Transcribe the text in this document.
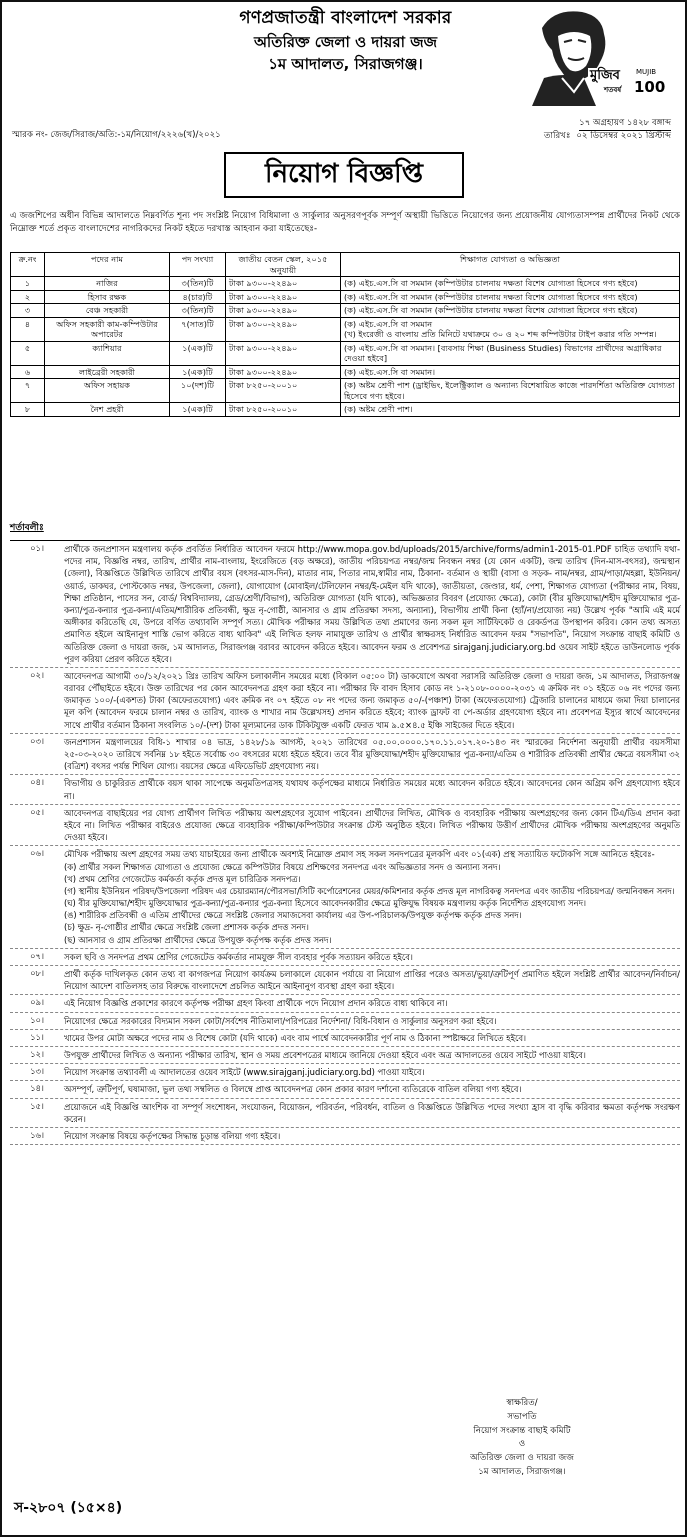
গণপ্রজাতন্ত্রী বাংলাদেশ সরকার
অতিরিক্ত জেলা ও দায়রা জজ
১ম আদালত, সিরাজগঞ্জ।
মুজিব
শতবর্ষ
MUJIB
100
স্মারক নং- জেজ/সিরাজ/অতি:-১ম/নিয়োগ/২২২৬(খ)/২০২১
১৭ অগ্রহায়ণ ১৪২৮ বঙ্গাব্দ
তারিখঃ ০২ ডিসেম্বর ২০২১ খ্রিস্টাব্দ
নিয়োগ বিজ্ঞপ্তি
এ জজশিপের অধীন বিভিন্ন আদালতে নিম্নবর্ণিত শূন্য পদ সংশ্লিষ্ট নিয়োগ বিধিমালা ও সার্কুলার অনুসরণপূর্বক সম্পূর্ণ অস্থায়ী ভিত্তিতে নিয়োগের জন্য প্রয়োজনীয় যোগ্যতাসম্পন্ন প্রার্থীদের নিকট থেকে নিম্নোক্ত শর্তে প্রকৃত বাংলাদেশের নাগরিকদের নিকট হইতে দরখাস্ত আহবান করা যাইতেছেঃ-
ক্র.নং	পদের নাম	পদ সংখ্যা	জাতীয় বেতন স্কেল, ২০১৫ অনুযায়ী	শিক্ষাগত যোগ্যতা ও অভিজ্ঞতা
১	নাজির	৩(তিন)টি	টাকা ৯৩০০-২২৪৯০	(ক) এইচ.এস.সি বা সমমান (কম্পিউটার চালনায় দক্ষতা বিশেষ যোগ্যতা হিসেবে গণ্য হইবে)
২	হিসাব রক্ষক	৪(চার)টি	টাকা ৯৩০০-২২৪৯০	(ক) এইচ.এস.সি বা সমমান (কম্পিউটার চালনায় দক্ষতা বিশেষ যোগ্যতা হিসেবে গণ্য হইবে)
৩	বেঞ্চ সহকারী	৩(তিন)টি	টাকা ৯৩০০-২২৪৯০	(ক) এইচ.এস.সি বা সমমান (কম্পিউটার চালনায় দক্ষতা বিশেষ যোগ্যতা হিসেবে গণ্য হইবে)
৪	অফিস সহকারী কাম-কম্পিউটার অপারেটর	৭(সাত)টি	টাকা ৯৩০০-২২৪৯০	(ক) এইচ.এস.সি বা সমমান
(খ) ইংরেজী ও বাংলায় প্রতি মিনিটে যথাক্রমে ৩০ ও ২০ শব্দ কম্পিউটার টাইপ করার গতি সম্পন্ন।
৫	ক্যাশিয়ার	১(এক)টি	টাকা ৯৩০০-২২৪৯০	(ক) এইচ.এস.সি বা সমমান। [ব্যবসায় শিক্ষা (Business Studies) বিভাগের প্রার্থীদের অগ্রাধিকার দেওয়া হইবে]
৬	লাইব্রেরী সহকারী	১(এক)টি	টাকা ৯৩০০-২২৪৯০	(ক) এইচ.এস.সি বা সমমান।
৭	অফিস সহায়ক	১০(দশ)টি	টাকা ৮২৫০-২০০১০	(ক) অষ্টম শ্রেণী পাশ (ড্রাইভিং, ইলেক্ট্রিক্যাল ও অন্যান্য বিশেষায়িত কাজে পারদর্শিতা অতিরিক্ত যোগ্যতা হিসেবে গণ্য হইবে।
৮	নৈশ প্রহরী	১(এক)টি	টাকা ৮২৫০-২০০১০	(ক) অষ্টম শ্রেণী পাশ।
শর্তাবলীঃ
০১।	প্রার্থীকে জনপ্রশাসন মন্ত্রণালয় কর্তৃক প্রবর্তিত নির্ধারিত আবেদন ফরমে http://www.mopa.gov.bd/uploads/2015/archive/forms/admin1-2015-01.PDF চাহিত তথ্যাদি যথা- পদের নাম, বিজ্ঞপ্তি নম্বর, তারিখ, প্রার্থীর নাম-বাংলায়, ইংরেজিতে (বড় অক্ষরে), জাতীয় পরিচয়পত্র নম্বর/জন্ম নিবন্ধন নম্বর (যে কোন একটি), জন্ম তারিখ (দিন-মাস-বৎসর), জন্মস্থান (জেলা), বিজ্ঞপ্তিতে উল্লিখিত তারিখে প্রার্থীর বয়স (বৎসর-মাস-দিন), মাতার নাম, পিতার নাম,স্বামীর নাম, ঠিকানা- বর্তমান ও স্থায়ী (বাসা ও সড়ক- নাম/নম্বর, গ্রাম/পাড়া/মহল্লা, ইউনিয়ন/ওয়ার্ড, ডাকঘর, পোস্টকোড নম্বর, উপজেলা, জেলা), যোগাযোগ (মোবাইল/টেলিফোন নম্বর/ই-মেইল যদি থাকে), জাতীয়তা, জেণ্ডার, ধর্ম, পেশা, শিক্ষাগত যোগ্যতা (পরীক্ষার নাম, বিষয়, শিক্ষা প্রতিষ্ঠান, পাসের সন, বোর্ড/ বিশ্ববিদ্যালয়, গ্রেড/শ্রেণী/বিভাগ), অতিরিক্ত যোগ্যতা (যদি থাকে), অভিজ্ঞতার বিবরণ (প্রযোজ্য ক্ষেত্রে), কোটা (বীর মুক্তিযোদ্ধা/শহীদ মুক্তিযোদ্ধার পুত্র-কন্যা/পুত্র-কন্যার পুত্র-কন্যা/এতিম/শারীরিক প্রতিবন্ধী, ক্ষুদ্র নৃ-গোষ্ঠী, আনসার ও গ্রাম প্রতিরক্ষা সদস্য, অন্যান্য), বিভাগীয় প্রার্থী কিনা (হ্যাঁ/না/প্রযোজ্য নয়) উল্লেখ পূর্বক "আমি এই মর্মে অঙ্গীকার করিতেছি যে, উপরে বর্ণিত তথ্যাবলি সম্পূর্ণ সত্য। মৌখিক পরীক্ষার সময় উল্লিখিত তথ্য প্রমাণের জন্য সকল মূল সার্টিফিকেট ও রেকর্ডপত্র উপস্থাপন করিব। কোন তথ্য অসত্য প্রমাণিত হইলে আইনানুগ শাস্তি ভোগ করিতে বাধ্য থাকিব" এই লিখিত হলফ নামাযুক্ত তারিখ ও প্রার্থীর স্বাক্ষরসহ নির্ধারিত আবেদন ফরম "সভাপতি", নিয়োগ সংক্রান্ত বাছাই কমিটি ও অতিরিক্ত জেলা ও দায়রা জজ, ১ম আদালত, সিরাজগঞ্জ বরাবর আবেদন করিতে হইবে। আবেদন ফরম ও প্রবেশপত্র sirajganj.judiciary.org.bd ওয়েব সাইট হইতে ডাউনলোড পূর্বক পূরণ করিয়া প্রেরণ করিতে হইবে।
০২।	আবেদনপত্র আগামী ৩০/১২/২০২১ খ্রিঃ তারিখ অফিস চলাকালীন সময়ের মধ্যে (বিকাল ০৫:০০ টা) ডাকযোগে অথবা সরাসরি অতিরিক্ত জেলা ও দায়রা জজ, ১ম আদালত, সিরাজগঞ্জ বরাবর পৌঁছাইতে হইবে। উক্ত তারিখের পর কোন আবেদনপত্র গ্রহণ করা হইবে না। পরীক্ষার ফি বাবদ হিসাব কোড নং ১-২১০৮-০০০০-২০৩১ এ ক্রমিক নং ০১ হইতে ০৬ নং পদের জন্য জমাকৃত ১০০/-(একশত) টাকা (অফেরতযোগ্য) এবং ক্রমিক নং ০৭ হইতে ০৮ নং পদের জন্য জমাকৃত ৫০/-(পঞ্চাশ) টাকা (অফেরতযোগ্য) ট্রেজারি চালানের মাধ্যমে জমা দিয়া চালানের মূল কপি (আবেদন ফরমে চালান নম্বর ও তারিখ, ব্যাংক ও শাখার নাম উল্লেখসহ) প্রদান করিতে হইবে; ব্যাংক ড্রাফট বা পে-অর্ডার গ্রহণযোগ্য হইবে না। প্রবেশপত্র ইস্যুর স্বার্থে আবেদনের সাথে প্রার্থীর বর্তমান ঠিকানা সংবলিত ১০/-(দশ) টাকা মূল্যমানের ডাক টিকিটযুক্ত একটি ফেরত খাম ৯.৫×৪.৫ ইঞ্চি সাইজের দিতে হইবে।
০৩।	জনপ্রশাসন মন্ত্রণালয়ের বিধি-১ শাখার ০৪ ভাদ্র, ১৪২৮/১৯ আগস্ট, ২০২১ তারিখের ০৫.০০.০০০০.১৭০.১১.০১৭.২০-১৪৩ নং স্মারকের নির্দেশনা অনুযায়ী প্রার্থীর বয়সসীমা ২৫-০৩-২০২০ তারিখে সর্বনিম্ন ১৮ হইতে সর্বোচ্চ ৩০ বৎসরের মধ্যে হইতে হইবে। তবে বীর মুক্তিযোদ্ধা/শহীদ মুক্তিযোদ্ধার পুত্র-কন্যা/এতিম ও শারীরিক প্রতিবন্ধী প্রার্থীর ক্ষেত্রে বয়সসীমা ৩২ (বত্রিশ) বৎসর পর্যন্ত শিথিল যোগ্য। বয়সের ক্ষেত্রে এফিডেভিট গ্রহণযোগ্য নয়।
০৪।	বিভাগীয় ও চাকুরিরত প্রার্থীকে বয়স থাকা সাপেক্ষে অনুমতিপত্রসহ যথাযথ কর্তৃপক্ষের মাধ্যমে নির্ধারিত সময়ের মধ্যে আবেদন করিতে হইবে। আবেদনের কোন অগ্রিম কপি গ্রহণযোগ্য হইবে না।
০৫।	আবেদনপত্র বাছাইয়ের পর যোগ্য প্রার্থীগণ লিখিত পরীক্ষায় অংশগ্রহণের সুযোগ পাইবেন। প্রার্থীদের লিখিত, মৌখিক ও ব্যবহারিক পরীক্ষায় অংশগ্রহণের জন্য কোন টিএ/ডিএ প্রদান করা হইবে না। লিখিত পরীক্ষার বাইরেও প্রযোজ্য ক্ষেত্রে ব্যবহারিক পরীক্ষা/কম্পিউটার সংক্রান্ত টেস্ট অনুষ্ঠিত হইবে। লিখিত পরীক্ষায় উত্তীর্ণ প্রার্থীদের মৌখিক পরীক্ষায় অংশগ্রহণের অনুমতি দেওয়া হইবে।
০৬।	মৌখিক পরীক্ষায় অংশ গ্রহণের সময় তথ্য যাচাইয়ের জন্য প্রার্থীকে অবশ্যই নিম্নোক্ত প্রমাণ সহ সকল সনদপত্রের মূলকপি এবং ০১(এক) প্রস্থ সত্যায়িত ফটোকপি সঙ্গে আনিতে হইবেঃ-
(ক) প্রার্থীর সকল শিক্ষাগত যোগ্যতা ও প্রযোজ্য ক্ষেত্রে কম্পিউটার বিষয়ে প্রশিক্ষণের সনদপত্র এবং অভিজ্ঞতার সনদ ও অন্যান্য সনদ।
(খ) প্রথম শ্রেণির গেজেটেড কর্মকর্তা কর্তৃক প্রদত্ত মূল চারিত্রিক সনদপত্র।
(গ) স্থানীয় ইউনিয়ন পরিষদ/উপজেলা পরিষদ এর চেয়ারম্যান/পৌরসভা/সিটি কর্পোরেশনের মেয়র/কমিশনার কর্তৃক প্রদত্ত মূল নাগরিকত্ব সনদপত্র এবং জাতীয় পরিচয়পত্র/ জন্মনিবন্ধন সনদ।
(ঘ) বীর মুক্তিযোদ্ধা/শহীদ মুক্তিযোদ্ধার পুত্র-কন্যা/পুত্র-কন্যার পুত্র-কন্যা হিসেবে আবেদনকারীর ক্ষেত্রে মুক্তিযুদ্ধ বিষয়ক মন্ত্রণালয় কর্তৃক নির্দেশিত গ্রহণযোগ্য সনদ।
(ঙ) শারীরিক প্রতিবন্ধী ও এতিম প্রার্থীদের ক্ষেত্রে সংশ্লিষ্ট জেলার সমাজসেবা কার্যালয় এর উপ-পরিচালক/উপযুক্ত কর্তৃপক্ষ কর্তৃক প্রদত্ত সনদ।
(চ) ক্ষুদ্র- নৃ-গোষ্ঠীর প্রার্থীর ক্ষেত্রে সংশ্লিষ্ট জেলা প্রশাসক কর্তৃক প্রদত্ত সনদ।
(ছ) আনসার ও গ্রাম প্রতিরক্ষা প্রার্থীদের ক্ষেত্রে উপযুক্ত কর্তৃপক্ষ কর্তৃক প্রদত্ত সনদ।
০৭।	সকল ছবি ও সনদপত্র প্রথম শ্রেণির গেজেটেড কর্মকর্তার নামযুক্ত সীল ব্যবহার পূর্বক সত্যায়ন করিতে হইবে।
০৮।	প্রার্থী কর্তৃক দাখিলকৃত কোন তথ্য বা কাগজপত্র নিয়োগ কার্যক্রম চলাকালে যেকোন পর্যায়ে বা নিয়োগ প্রাপ্তির পরেও অসত্য/ভুয়া/ত্রুটিপূর্ণ প্রমাণিত হইলে সংশ্লিষ্ট প্রার্থীর আবেদন/নির্বাচন/নিয়োগ আদেশ বাতিলসহ তার বিরুদ্ধে বাংলাদেশে প্রচলিত আইনে আইনানুগ ব্যবস্থা গ্রহণ করা হইবে।
০৯।	এই নিয়োগ বিজ্ঞপ্তি প্রকাশের কারণে কর্তৃপক্ষ পরীক্ষা গ্রহণ কিংবা প্রার্থীকে পদে নিয়োগ প্রদান করিতে বাধ্য থাকিবে না।
১০।	নিয়োগের ক্ষেত্রে সরকারের বিদ্যমান সকল কোটা/সর্বশেষ নীতিমালা/পরিপত্রের নির্দেশনা/ বিধি-বিধান ও সার্কুলার অনুসরণ করা হইবে।
১১।	খামের উপর মোটা অক্ষরে পদের নাম ও বিশেষ কোটা (যদি থাকে) এবং বাম পার্শ্বে আবেদনকারীর পূর্ণ নাম ও ঠিকানা স্পষ্টাক্ষরে লিখিতে হইবে।
১২।	উপযুক্ত প্রার্থীদের লিখিত ও অন্যান্য পরীক্ষার তারিখ, স্থান ও সময় প্রবেশপত্রের মাধ্যমে জানিয়ে দেওয়া হইবে এবং অত্র আদালতের ওয়েব সাইটে পাওয়া যাইবে।
১৩।	নিয়োগ সংক্রান্ত তথ্যাবলী এ আদালতের ওয়েব সাইটে (www.sirajganj.judiciary.org.bd) পাওয়া যাইবে।
১৪।	অসম্পূর্ণ, ত্রুটিপূর্ণ, ঘষামাজা, ভুল তথ্য সম্বলিত ও বিলম্বে প্রাপ্ত আবেদনপত্র কোন প্রকার কারণ দর্শানো ব্যতিরেকে বাতিল বলিয়া গণ্য হইবে।
১৫।	প্রয়োজনে এই বিজ্ঞপ্তি আংশিক বা সম্পূর্ণ সংশোধন, সংযোজন, বিয়োজন, পরিবর্তন, পরিবর্ধন, বাতিল ও বিজ্ঞপ্তিতে উল্লিখিত পদের সংখ্যা হ্রাস বা বৃদ্ধি করিবার ক্ষমতা কর্তৃপক্ষ সংরক্ষণ করেন।
১৬।	নিয়োগ সংক্রান্ত বিষয়ে কর্তৃপক্ষের সিদ্ধান্ত চূড়ান্ত বলিয়া গণ্য হইবে।
স্বাক্ষরিত/
সভাপতি
নিয়োগ সংক্রান্ত বাছাই কমিটি
ও
অতিরিক্ত জেলা ও দায়রা জজ
১ম আদালত, সিরাজগঞ্জ।
স-২৮০৭ (১৫×৪)
